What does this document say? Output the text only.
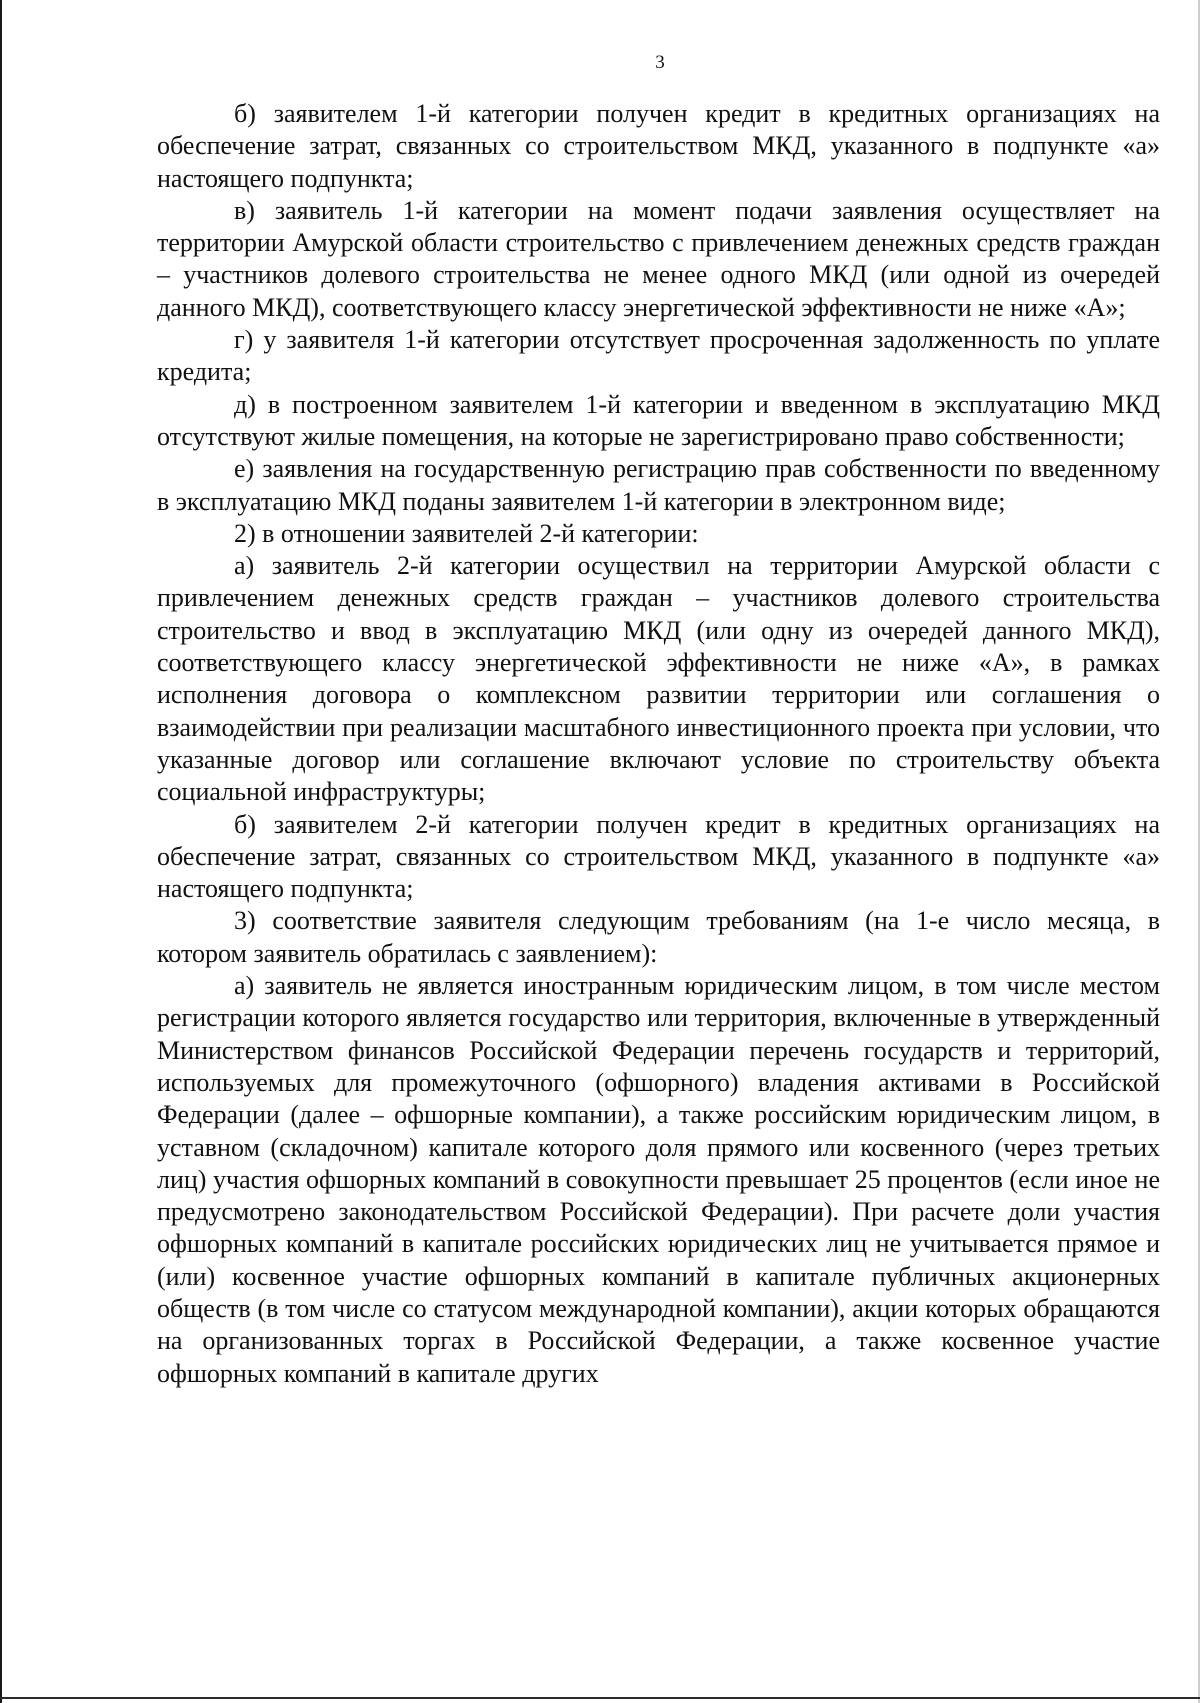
3

б) заявителем 1-й категории получен кредит в кредитных организациях на обеспечение затрат, связанных со строительством МКД, указанного в подпункте «а» настоящего подпункта;

в) заявитель 1-й категории на момент подачи заявления осуществляет на территории Амурской области строительство с привлечением денежных средств граждан – участников долевого строительства не менее одного МКД (или одной из очередей данного МКД), соответствующего классу энергетической эффективности не ниже «А»;

г) у заявителя 1-й категории отсутствует просроченная задолженность по уплате кредита;

д) в построенном заявителем 1-й категории и введенном в эксплуатацию МКД отсутствуют жилые помещения, на которые не зарегистрировано право собственности;

е) заявления на государственную регистрацию прав собственности по введенному в эксплуатацию МКД поданы заявителем 1-й категории в электронном виде;

2) в отношении заявителей 2-й категории:

а) заявитель 2-й категории осуществил на территории Амурской области с привлечением денежных средств граждан – участников долевого строительства строительство и ввод в эксплуатацию МКД (или одну из очередей данного МКД), соответствующего классу энергетической эффективности не ниже «А», в рамках исполнения договора о комплексном развитии территории или соглашения о взаимодействии при реализации масштабного инвестиционного проекта при условии, что указанные договор или соглашение включают условие по строительству объекта социальной инфраструктуры;

б) заявителем 2-й категории получен кредит в кредитных организациях на обеспечение затрат, связанных со строительством МКД, указанного в подпункте «а» настоящего подпункта;

3) соответствие заявителя следующим требованиям (на 1-е число месяца, в котором заявитель обратилась с заявлением):

а) заявитель не является иностранным юридическим лицом, в том числе местом регистрации которого является государство или территория, включенные в утвержденный Министерством финансов Российской Федерации перечень государств и территорий, используемых для промежуточного (офшорного) владения активами в Российской Федерации (далее – офшорные компании), а также российским юридическим лицом, в уставном (складочном) капитале которого доля прямого или косвенного (через третьих лиц) участия офшорных компаний в совокупности превышает 25 процентов (если иное не предусмотрено законодательством Российской Федерации). При расчете доли участия офшорных компаний в капитале российских юридических лиц не учитывается прямое и (или) косвенное участие офшорных компаний в капитале публичных акционерных обществ (в том числе со статусом международной компании), акции которых обращаются на организованных торгах в Российской Федерации, а также косвенное участие офшорных компаний в капитале других
